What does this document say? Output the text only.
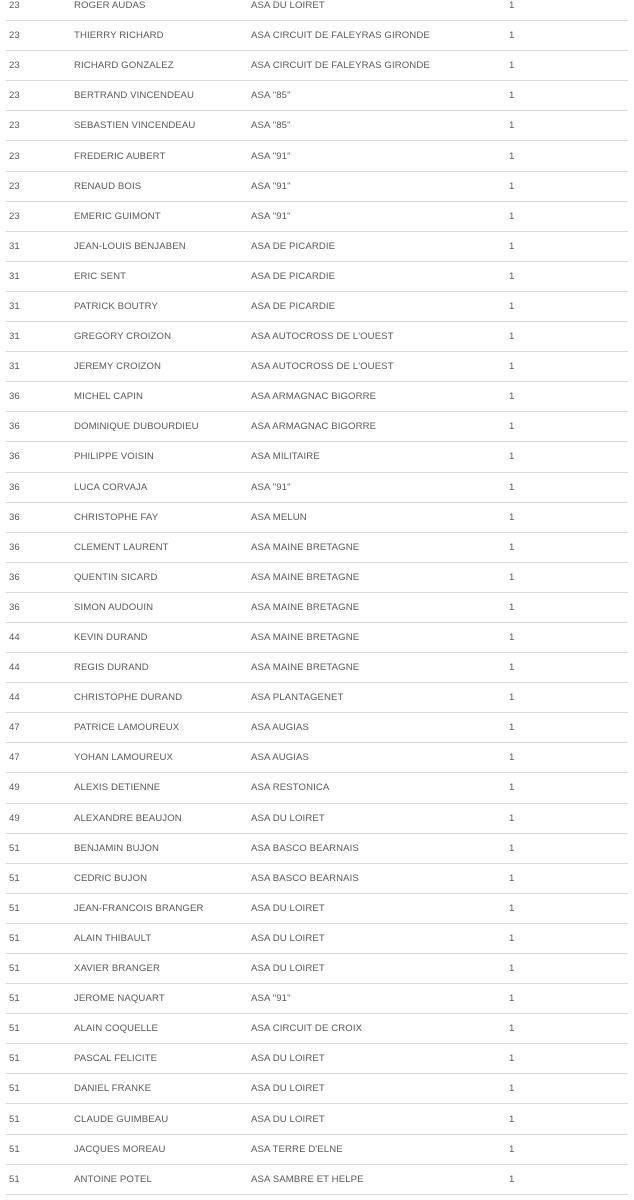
23	ROGER AUDAS	ASA DU LOIRET	1
23	THIERRY RICHARD	ASA CIRCUIT DE FALEYRAS GIRONDE	1
23	RICHARD GONZALEZ	ASA CIRCUIT DE FALEYRAS GIRONDE	1
23	BERTRAND VINCENDEAU	ASA "85"	1
23	SEBASTIEN VINCENDEAU	ASA "85"	1
23	FREDERIC AUBERT	ASA "91"	1
23	RENAUD BOIS	ASA "91"	1
23	EMERIC GUIMONT	ASA "91"	1
31	JEAN-LOUIS BENJABEN	ASA DE PICARDIE	1
31	ERIC SENT	ASA DE PICARDIE	1
31	PATRICK BOUTRY	ASA DE PICARDIE	1
31	GREGORY CROIZON	ASA AUTOCROSS DE L'OUEST	1
31	JEREMY CROIZON	ASA AUTOCROSS DE L'OUEST	1
36	MICHEL CAPIN	ASA ARMAGNAC BIGORRE	1
36	DOMINIQUE DUBOURDIEU	ASA ARMAGNAC BIGORRE	1
36	PHILIPPE VOISIN	ASA MILITAIRE	1
36	LUCA CORVAJA	ASA "91"	1
36	CHRISTOPHE FAY	ASA MELUN	1
36	CLEMENT LAURENT	ASA MAINE BRETAGNE	1
36	QUENTIN SICARD	ASA MAINE BRETAGNE	1
36	SIMON AUDOUIN	ASA MAINE BRETAGNE	1
44	KEVIN DURAND	ASA MAINE BRETAGNE	1
44	REGIS DURAND	ASA MAINE BRETAGNE	1
44	CHRISTOPHE DURAND	ASA PLANTAGENET	1
47	PATRICE LAMOUREUX	ASA AUGIAS	1
47	YOHAN LAMOUREUX	ASA AUGIAS	1
49	ALEXIS DETIENNE	ASA RESTONICA	1
49	ALEXANDRE BEAUJON	ASA DU LOIRET	1
51	BENJAMIN BUJON	ASA BASCO BEARNAIS	1
51	CEDRIC BUJON	ASA BASCO BEARNAIS	1
51	JEAN-FRANCOIS BRANGER	ASA DU LOIRET	1
51	ALAIN THIBAULT	ASA DU LOIRET	1
51	XAVIER BRANGER	ASA DU LOIRET	1
51	JEROME NAQUART	ASA "91"	1
51	ALAIN COQUELLE	ASA CIRCUIT DE CROIX	1
51	PASCAL FELICITE	ASA DU LOIRET	1
51	DANIEL FRANKE	ASA DU LOIRET	1
51	CLAUDE GUIMBEAU	ASA DU LOIRET	1
51	JACQUES MOREAU	ASA TERRE D'ELNE	1
51	ANTOINE POTEL	ASA SAMBRE ET HELPE	1
